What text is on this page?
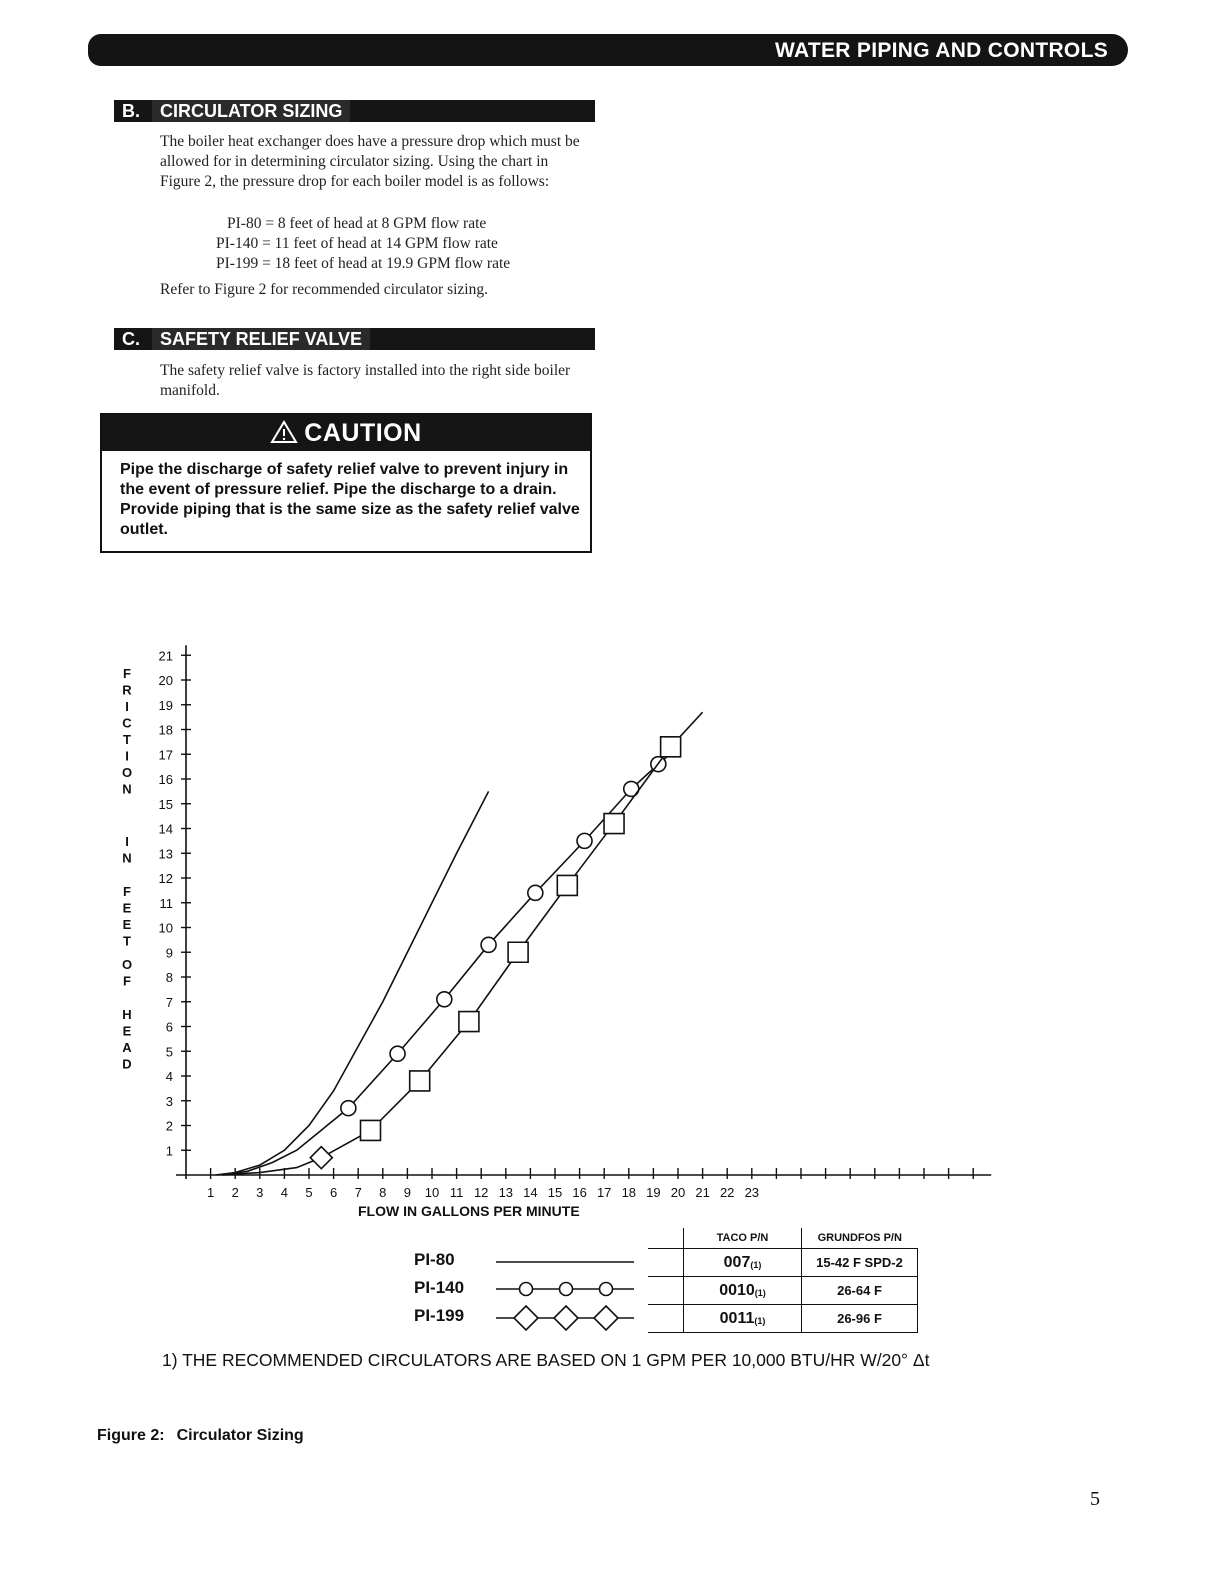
WATER PIPING AND CONTROLS
B. CIRCULATOR SIZING
The boiler heat exchanger does have a pressure drop which must be allowed for in determining circulator sizing. Using the chart in Figure 2, the pressure drop for each boiler model is as follows:
PI-80 = 8 feet of head at 8 GPM flow rate
PI-140 = 11 feet of head at 14 GPM flow rate
PI-199 = 18 feet of head at 19.9 GPM flow rate
Refer to Figure 2 for recommended circulator sizing.
C. SAFETY RELIEF VALVE
The safety relief valve is factory installed into the right side boiler manifold.
CAUTION
Pipe the discharge of safety relief valve to prevent injury in the event of pressure relief. Pipe the discharge to a drain. Provide piping that is the same size as the safety relief valve outlet.
1
2
3
4
5
6
7
8
9
10
11
12
13
14
15
16
17
18
19
20
21
1 2 3 4 5 6 7 8 9 10 11 12 13 14 15 16 17 18 19 20 21 22 23
F
R
I
C
T
I
O
N
I
N
F
E
E
T
O
F
H
E
A
D
FLOW IN GALLONS PER MINUTE
PI-80
PI-140
PI-199
	TACO P/N	GRUNDFOS P/N
	$007_{(1)}$	15-42 F SPD-2
	$0010_{(1)}$	26-64 F
	$0011_{(1)}$	26-96 F
1) THE RECOMMENDED CIRCULATORS ARE BASED ON 1 GPM PER 10,000 BTU/HR W/20° Δt
Figure 2: Circulator Sizing
5
